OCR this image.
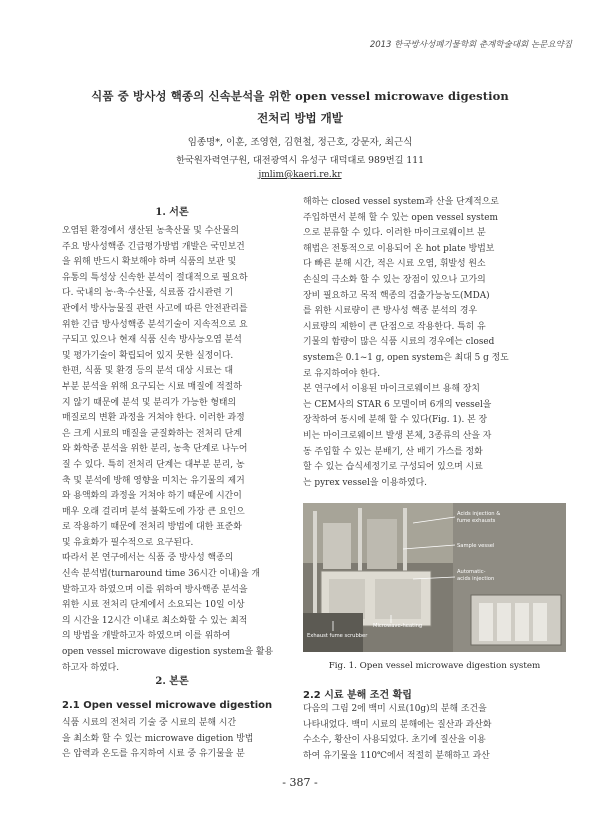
2013 한국방사성폐기물학회 춘계학술대회 논문요약집
식품 중 방사성 핵종의 신속분석을 위한 open vessel microwave digestion
전처리 방법 개발
임종명*, 이훈, 조영현, 김현철, 정근호, 강문자, 최근식
한국원자력연구원, 대전광역시 유성구 대덕대로 989번길 111
jmlim@kaeri.re.kr
1. 서론
오염된 환경에서 생산된 농축산물 및 수산물의
주요 방사성핵종 긴급평가방법 개발은 국민보건
을 위해 반드시 확보해야 하며 식품의 보관 및
유통의 특성상 신속한 분석이 절대적으로 필요하
다. 국내의 농·축·수산물, 식료품 감시관련 기
관에서 방사능물질 관련 사고에 따른 안전관리를
위한 긴급 방사성핵종 분석기술이 지속적으로 요
구되고 있으나 현재 식품 신속 방사능오염 분석
및 평가기술이 확립되어 있지 못한 실정이다.
한편, 식품 및 환경 등의 분석 대상 시료는 대
부분 분석을 위해 요구되는 시료 매질에 적절하
지 않기 때문에 분석 및 분리가 가능한 형태의
매질로의 변환 과정을 거쳐야 한다. 이러한 과정
은 크게 시료의 매질을 균질화하는 전처리 단계
와 화학종 분석을 위한 분리, 농축 단계로 나누어
질 수 있다. 특히 전처리 단계는 대부분 분리, 농
축 및 분석에 방해 영향을 미치는 유기물의 제거
와 용액화의 과정을 거쳐야 하기 때문에 시간이
매우 오래 걸리며 분석 불확도에 가장 큰 요인으
로 작용하기 때문에 전처리 방법에 대한 표준화
및 유효화가 필수적으로 요구된다.
따라서 본 연구에서는 식품 중 방사성 핵종의
신속 분석법(turnaround time 36시간 이내)을 개
발하고자 하였으며 이를 위하여 방사핵종 분석을
위한 시료 전처리 단계에서 소요되는 10일 이상
의 시간을 12시간 이내로 최소화할 수 있는 최적
의 방법을 개발하고자 하였으며 이를 위하여
open vessel microwave digestion system을 활용
하고자 하였다.
2. 본론
2.1 Open vessel microwave digestion
식품 시료의 전처리 기술 중 시료의 분해 시간
을 최소화 할 수 있는 microwave digetion 방법
은 압력과 온도를 유지하여 시료 중 유기물을 분
해하는 closed vessel system과 산을 단계적으로
주입하면서 분해 할 수 있는 open vessel system
으로 분류할 수 있다. 이러한 마이크로웨이브 분
해법은 전통적으로 이용되어 온 hot plate 방법보
다 빠른 분해 시간, 적은 시료 오염, 휘발성 원소
손실의 극소화 할 수 있는 장점이 있으나 고가의
장비 필요하고 목적 핵종의 검출가능농도(MDA)
를 위한 시료량이 큰 방사성 핵종 분석의 경우
시료량의 제한이 큰 단점으로 작용한다. 특히 유
기물의 함량이 많은 식품 시료의 경우에는 closed
system은 0.1~1 g, open system은 최대 5 g 정도
로 유지하여야 한다.
본 연구에서 이용된 마이크로웨이브 용해 장치
는 CEM사의 STAR 6 모델이며 6개의 vessel을
장착하여 동시에 분해 할 수 있다(Fig. 1). 본 장
비는 마이크로웨이브 발생 본체, 3종류의 산을 자
동 주입할 수 있는 분배기, 산 배기 가스를 정화
할 수 있는 습식세정기로 구성되어 있으며 시료
는 pyrex vessel을 이용하였다.
Acids injection &
fume exhausts
Sample vessel
Automatic-
acids injection
Exhaust fume scrubber
Microwave-heating
Fig. 1. Open vessel microwave digestion system
2.2 시료 분해 조건 확립
다음의 그림 2에 백미 시료(10g)의 분해 조건을
나타내었다. 백미 시료의 분해에는 질산과 과산화
수소수, 황산이 사용되었다. 초기에 질산을 이용
하여 유기물을 110℃에서 적절히 분해하고 과산
- 387 -
